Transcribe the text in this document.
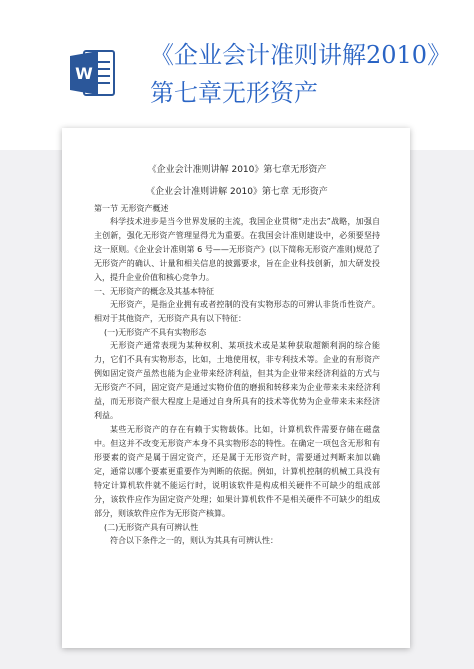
W
《企业会计准则讲解2010》第七章无形资产
《企业会计准则讲解 2010》第七章无形资产
《企业会计准则讲解 2010》第七章 无形资产

第一节 无形资产概述

科学技术进步是当今世界发展的主流，我国企业贯彻“走出去”战略，加强自主创新，强化无形资产管理显得尤为重要。在我国会计准则建设中，必须要坚持这一原则。《企业会计准则第 6 号——无形资产》(以下简称无形资产准则)规范了无形资产的确认、计量和相关信息的披露要求，旨在企业科技创新，加大研发投入，提升企业价值和核心竞争力。

一、无形资产的概念及其基本特征

无形资产，是指企业拥有或者控制的没有实物形态的可辨认非货币性资产。相对于其他资产，无形资产具有以下特征：

(一)无形资产不具有实物形态

无形资产通常表现为某种权利、某项技术或是某种获取超额利润的综合能力，它们不具有实物形态，比如，土地使用权，非专利技术等。企业的有形资产例如固定资产虽然也能为企业带来经济利益，但其为企业带来经济利益的方式与无形资产不同，固定资产是通过实物价值的磨损和转移来为企业带来未来经济利益，而无形资产很大程度上是通过自身所具有的技术等优势为企业带来未来经济利益。

某些无形资产的存在有赖于实物载体。比如，计算机软件需要存储在磁盘中。但这并不改变无形资产本身不具实物形态的特性。在确定一项包含无形和有形要素的资产是属于固定资产，还是属于无形资产时，需要通过判断来加以确定，通常以哪个要素更重要作为判断的依据。例如，计算机控制的机械工具没有特定计算机软件就不能运行时，说明该软件是构成相关硬件不可缺少的组成部分，该软件应作为固定资产处理；如果计算机软件不是相关硬件不可缺少的组成部分，则该软件应作为无形资产核算。

(二)无形资产具有可辨认性

符合以下条件之一的，则认为其具有可辨认性：
